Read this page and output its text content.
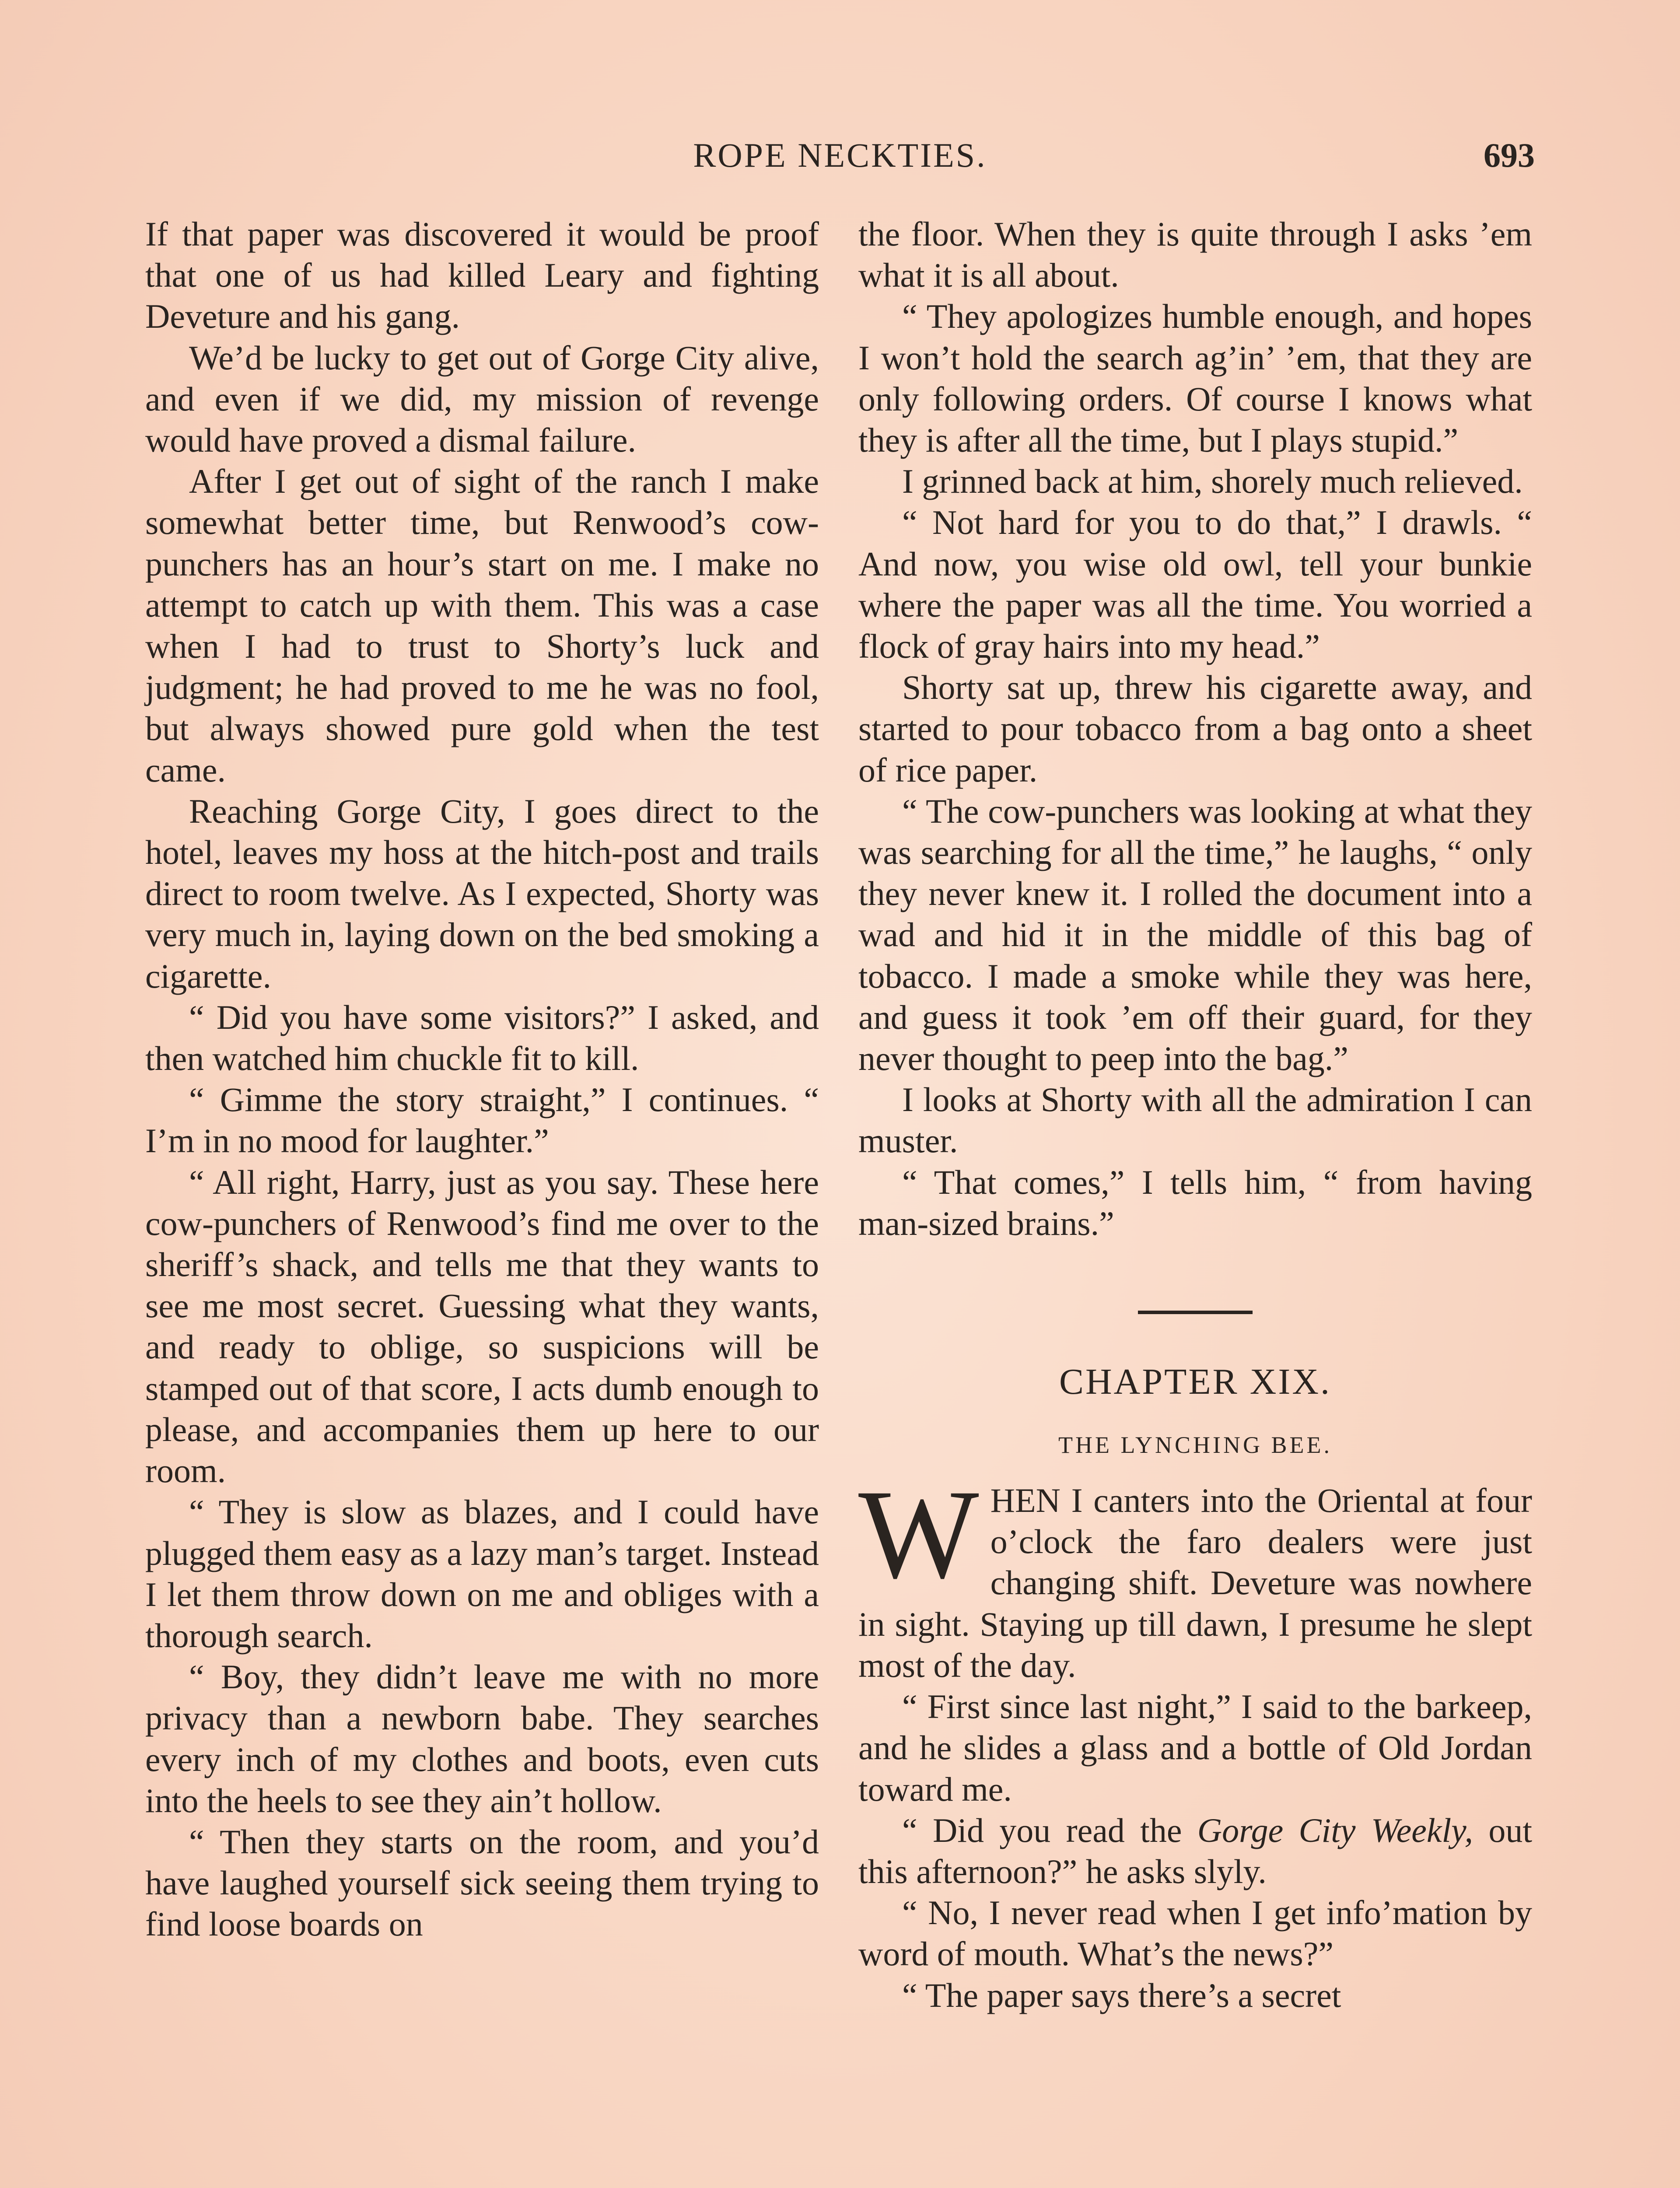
ROPE NECKTIES.	693

If that paper was discovered it would be proof that one of us had killed Leary and fighting Deveture and his gang.

We’d be lucky to get out of Gorge City alive, and even if we did, my mission of revenge would have proved a dismal failure.

After I get out of sight of the ranch I make somewhat better time, but Renwood’s cow-punchers has an hour’s start on me. I make no attempt to catch up with them. This was a case when I had to trust to Shorty’s luck and judgment; he had proved to me he was no fool, but always showed pure gold when the test came.

Reaching Gorge City, I goes direct to the hotel, leaves my hoss at the hitch-post and trails direct to room twelve. As I expected, Shorty was very much in, laying down on the bed smoking a cigarette.

“ Did you have some visitors?” I asked, and then watched him chuckle fit to kill.

“ Gimme the story straight,” I continues. “ I’m in no mood for laughter.”

“ All right, Harry, just as you say. These here cow-punchers of Renwood’s find me over to the sheriff’s shack, and tells me that they wants to see me most secret. Guessing what they wants, and ready to oblige, so suspicions will be stamped out of that score, I acts dumb enough to please, and accompanies them up here to our room.

“ They is slow as blazes, and I could have plugged them easy as a lazy man’s target. Instead I let them throw down on me and obliges with a thorough search.

“ Boy, they didn’t leave me with no more privacy than a newborn babe. They searches every inch of my clothes and boots, even cuts into the heels to see they ain’t hollow.

“ Then they starts on the room, and you’d have laughed yourself sick seeing them trying to find loose boards on

the floor. When they is quite through I asks ’em what it is all about.

“ They apologizes humble enough, and hopes I won’t hold the search ag’in’ ’em, that they are only following orders. Of course I knows what they is after all the time, but I plays stupid.”

I grinned back at him, shorely much relieved.

“ Not hard for you to do that,” I drawls. “ And now, you wise old owl, tell your bunkie where the paper was all the time. You worried a flock of gray hairs into my head.”

Shorty sat up, threw his cigarette away, and started to pour tobacco from a bag onto a sheet of rice paper.

“ The cow-punchers was looking at what they was searching for all the time,” he laughs, “ only they never knew it. I rolled the document into a wad and hid it in the middle of this bag of tobacco. I made a smoke while they was here, and guess it took ’em off their guard, for they never thought to peep into the bag.”

I looks at Shorty with all the admiration I can muster.

“ That comes,” I tells him, “ from having man-sized brains.”

CHAPTER XIX.
THE LYNCHING BEE.

WHEN I canters into the Oriental at four o’clock the faro dealers were just changing shift. Deveture was nowhere in sight. Staying up till dawn, I presume he slept most of the day.

“ First since last night,” I said to the barkeep, and he slides a glass and a bottle of Old Jordan toward me.

“ Did you read the Gorge City Weekly, out this afternoon?” he asks slyly.

“ No, I never read when I get info’mation by word of mouth. What’s the news?”

“ The paper says there’s a secret
